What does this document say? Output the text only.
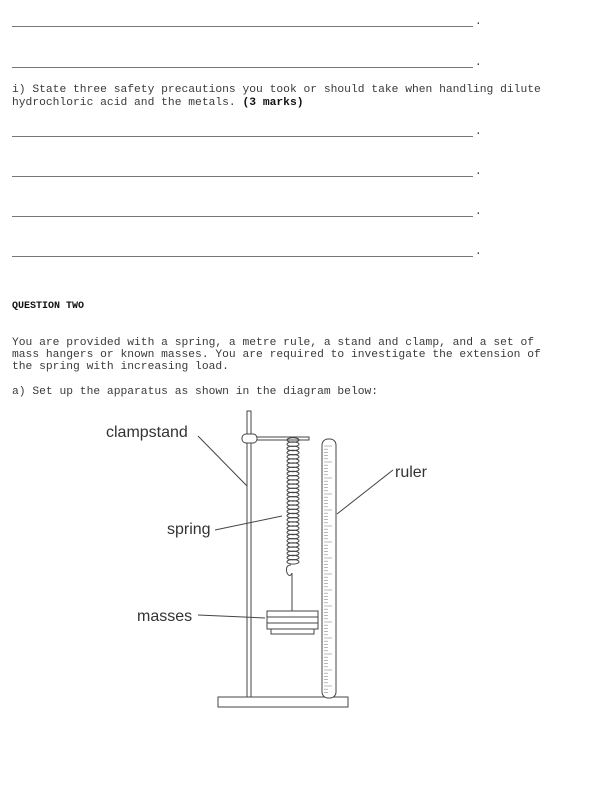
.
.
i) State three safety precautions you took or should take when handling dilute
hydrochloric acid and the metals. (3 marks)
.
.
.
.
QUESTION TWO
You are provided with a spring, a metre rule, a stand and clamp, and a set of
mass hangers or known masses. You are required to investigate the extension of
the spring with increasing load.
a) Set up the apparatus as shown in the diagram below:
clampstand
spring
masses
ruler
